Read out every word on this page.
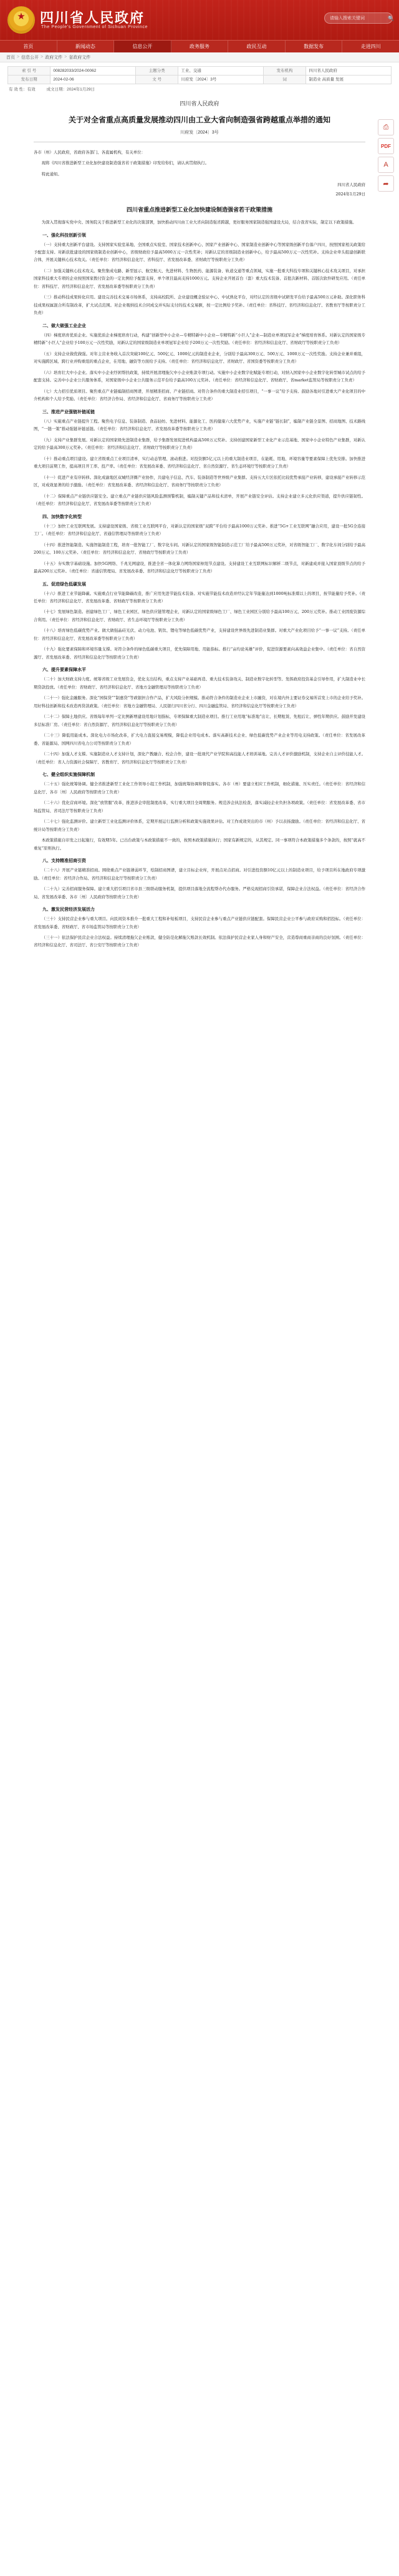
★
四川省人民政府
The People's Government of Sichuan Province
请输入搜索关键词
🔍
首页	新闻动态	信息公开	政务服务	政民互动	数据发布	走进四川
首页 > 信息公开 > 政府文件 > 省政府文件
索 引 号	008282033/2024-00062	主题分类	工业、交通	发布机构	四川省人民政府
发布日期	2024-02-06	文 号	川府发〔2024〕3号	词	制造业 高质量 发展
有 效 性：有效	成文日期：2024年1月29日
⎙
PDF
A
➦
四川省人民政府
关于对全省重点高质量发展推动四川由工业大省向制造强省跨越重点举措的通知
川府发〔2024〕3号

各市（州）人民政府，省政府各部门、各直属机构，有关单位：

现将《四川省推进新型工业化加快建设制造强省若干政策措施》印发给你们，请认真贯彻执行。

特此通知。

四川省人民政府
2024年1月29日
四川省重点推进新型工业化加快建设制造强省若干政策措施

为深入贯彻落实党中央、国务院关于推进新型工业化的决策部署，加快推动四川由工业大省向制造强省跨越，更好服务国家制造强国建设大局，结合我省实际，制定以下政策措施。

一、强化科技创新引领

（一）支持重大创新平台建设。支持国家实验室基地、全国重点实验室、国家技术创新中心、国家产业创新中心、国家制造业创新中心等国家级创新平台落户四川，按照国家相关政策给予配套支持。对新获批建设的国家级制造业创新中心，省级财政给予最高5000万元一次性奖补；对新认定的省级制造业创新中心，给予最高500万元一次性奖补。支持企业牵头组建创新联合体，开展关键核心技术攻关。（责任单位：省经济和信息化厅、省科技厅、省发展改革委、省财政厅等按职责分工负责）

（二）加强关键核心技术攻关。聚焦集成电路、新型显示、航空航天、先进材料、生物医药、能源装备、轨道交通等重点领域，实施一批重大科技专项和关键核心技术攻关项目，对承担国家科技重大专项的企业按照国家拨付资金的一定比例给予配套支持，单个项目最高支持1000万元。支持企业开展首台（套）重大技术装备、首批次新材料、首版次软件研发应用。（责任单位：省科技厅、省经济和信息化厅、省发展改革委等按职责分工负责）

（三）推动科技成果转化应用。建设完善技术交易市场体系，支持高校院所、企业建设概念验证中心、中试熟化平台，对经认定的省级中试研发平台给予最高500万元补助。深化职务科技成果权属混合所有制改革，扩大试点范围。对企业吸纳技术合同成交并实际支付的技术交易额，按一定比例给予奖补。（责任单位：省科技厅、省经济和信息化厅、省教育厅等按职责分工负责）

二、做大做强工业企业

（四）梯度培育优质企业。实施优质企业梯度培育行动，构建“创新型中小企业—专精特新中小企业—专精特新“小巨人”企业—制造业单项冠军企业”梯度培育体系。对新认定的国家级专精特新“小巨人”企业给予100万元一次性奖励，对新认定的国家级制造业单项冠军企业给予200万元一次性奖励。（责任单位：省经济和信息化厅、省财政厅等按职责分工负责）

（五）支持企业做优做强。对年主营业务收入首次突破100亿元、500亿元、1000亿元的制造业企业，分别给予最高300万元、500万元、1000万元一次性奖励。支持企业兼并重组，对实施跨区域、跨行业并购重组的重点企业，在用地、融资等方面给予支持。（责任单位：省经济和信息化厅、省财政厅、省国资委等按职责分工负责）

（六）培育壮大中小企业。落实中小企业纾困帮扶政策，持续开展清理拖欠中小企业账款专项行动。实施中小企业数字化赋能专项行动，对纳入国家中小企业数字化转型城市试点的给予配套支持。完善中小企业公共服务体系，对国家级中小企业公共服务示范平台给予最高100万元奖补。（责任单位：省经济和信息化厅、省财政厅、省market监管局等按职责分工负责）

（七）大力招引优质项目。聚焦重点产业链编制招商图谱，开展精准招商、产业链招商。对符合条件的重大制造业招引项目，“一事一议”给予支持。鼓励各地对引进重大产业化项目的中介机构和个人给予奖励。（责任单位：省经济合作局、省经济和信息化厅、省商务厅等按职责分工负责）

三、推进产业强链补链延链

（八）实施重点产业链提升工程。聚焦电子信息、装备制造、食品轻纺、先进材料、能源化工、医药健康六大优势产业，实施产业链“链长制”，编制产业链全景图、招商地图、技术路线图，“一链一策”推动强链补链延链。（责任单位：省经济和信息化厅、省发展改革委等按职责分工负责）

（九）支持产业集群发展。对新认定的国家级先进制造业集群，给予集群发展促进机构最高500万元奖补。支持创建国家新型工业化产业示范基地、国家中小企业特色产业集群，对新认定的给予最高300万元奖补。（责任单位：省经济和信息化厅、省财政厅等按职责分工负责）

（十）推动重点项目建设。建立省级重点工业项目清单，实行动态管理、滚动推进。对投资额5亿元以上的重大制造业项目，在能耗、用地、环境容量等要素保障上优先安排。加快推进重大项目前期工作，提高项目开工率、投产率。（责任单位：省发展改革委、省经济和信息化厅、省自然资源厅、省生态环境厅等按职责分工负责）

（十一）促进产业有序转移。深化成渝地区双城经济圈产业协作，共建电子信息、汽车、装备制造等世界级产业集群。支持五大片区依托比较优势承接产业转移，建设承接产业转移示范区，对成效显著的给予激励。（责任单位：省发展改革委、省经济和信息化厅、省商务厅等按职责分工负责）

（十二）保障重点产业链供应链安全。建立重点产业链供应链风险监测预警机制，编制关键产品和技术清单，开展产业链安全评估。支持企业建立多元化供应渠道，提升供应链韧性。（责任单位：省经济和信息化厅、省发展改革委等按职责分工负责）

四、加快数字化转型

（十三）加快工业互联网发展。支持建设国家级、省级工业互联网平台，对新认定的国家级“双跨”平台给予最高1000万元奖补。推进“5G+工业互联网”融合应用，建设一批5G全连接工厂。（责任单位：省经济和信息化厅、省通信管理局等按职责分工负责）

（十四）推进智能制造。实施智能制造工程，培育一批智能工厂、数字化车间。对新认定的国家级智能制造示范工厂给予最高500万元奖补，对省级智能工厂、数字化车间分别给予最高200万元、100万元奖补。（责任单位：省经济和信息化厅、省财政厅等按职责分工负责）

（十五）夯实数字基础设施。加快5G网络、千兆光网建设，推进全省一体化算力网络国家枢纽节点建设。支持建设工业互联网标识解析二级节点，对新建成并接入国家顶级节点的给予最高200万元奖补。（责任单位：省通信管理局、省发展改革委、省经济和信息化厅等按职责分工负责）

五、促进绿色低碳发展

（十六）推进工业节能降碳。实施重点行业节能降碳改造，推广应用先进节能技术装备。对实施节能技术改造并经认定年节能量达到1000吨标准煤以上的项目，按节能量给予奖补。（责任单位：省经济和信息化厅、省发展改革委、省财政厅等按职责分工负责）

（十七）发展绿色制造。创建绿色工厂、绿色工业园区、绿色供应链管理企业，对新认定的国家级绿色工厂、绿色工业园区分别给予最高100万元、200万元奖补。推动工业固废资源综合利用。（责任单位：省经济和信息化厅、省财政厅、省生态环境厅等按职责分工负责）

（十八）培育绿色低碳优势产业。做大做强晶硅光伏、动力电池、钒钛、锂电等绿色低碳优势产业，支持建设世界级先进制造业集群。对重大产业化项目给予“一事一议”支持。（责任单位：省经济和信息化厅、省发展改革委等按职责分工负责）

（十九）强化要素保障和环境容量支撑。对符合条件的绿色低碳重大项目，优先保障用地、用能指标。推行“亩均论英雄”评价，促进资源要素向高效益企业集中。（责任单位：省自然资源厅、省发展改革委、省经济和信息化厅等按职责分工负责）

六、提升要素保障水平

（二十）加大财政支持力度。统筹省级工业发展资金，优化支出结构，重点支持产业基础再造、重大技术装备攻关、制造业数字化转型等。发挥政府投资基金引导作用，扩大制造业中长期贷款投放。（责任单位：省财政厅、省经济和信息化厅、省地方金融管理局等按职责分工负责）

（二十一）强化金融服务。深化“园保贷”“制惠贷”等政银担合作产品，扩大风险分担规模。推动符合条件的制造业企业上市融资，对在境内外主要证券交易所首发上市的企业给予奖补。用好科技创新和技术改造再贷款政策。（责任单位：省地方金融管理局、人民银行四川省分行、四川金融监管局、省经济和信息化厅等按职责分工负责）

（二十二）保障土地供应。省级每年单列一定比例新增建设用地计划指标，专项保障重大制造业项目。推行工业用地“标准地”出让、长期租赁、先租后让、弹性年期供应。鼓励开发建设多层标准厂房。（责任单位：省自然资源厅、省经济和信息化厅等按职责分工负责）

（二十三）降低用能成本。深化电力市场化改革，扩大电力直接交易规模，降低企业用电成本。落实高新技术企业、绿色低碳优势产业企业等用电支持政策。（责任单位：省发展改革委、省能源局、国网四川省电力公司等按职责分工负责）

（二十四）加强人才支撑。实施制造业人才支持计划，深化产教融合、校企合作，建设一批现代产业学院和高技能人才培训基地。完善人才评价激励机制，支持企业自主评价技能人才。（责任单位：省人力资源社会保障厅、省教育厅、省经济和信息化厅等按职责分工负责）

七、健全组织实施保障机制

（二十五）强化统筹协调。健全省推进新型工业化工作领导小组工作机制，加强统筹协调和督促落实。各市（州）要建立相应工作机制，细化措施、压实责任。（责任单位：省经济和信息化厅、各市〔州〕人民政府等按职责分工负责）

（二十六）优化营商环境。深化“放管服”改革，推进涉企审批制度改革，实行重大项目全周期服务。规范涉企执法检查，落实减轻企业负担各项政策。（责任单位：省发展改革委、省市场监管局、省司法厅等按职责分工负责）

（二十七）强化监测评价。建立新型工业化监测评价体系，定期开展运行监测分析和政策实施效果评估。对工作成效突出的市（州）予以表扬激励。（责任单位：省经济和信息化厅、省统计局等按职责分工负责）

本政策措施自印发之日起施行，有效期5年。已出台政策与本政策措施不一致的，按照本政策措施执行；国家有新规定的，从其规定。同一事项符合本政策措施多个条款的，按照“就高不重复”原则执行。

八、支持精准招商引资

（二十八）开展产业链精准招商。围绕重点产业链薄弱环节，绘制招商图谱，建立目标企业库，开展点对点招商。对引进投资额10亿元以上的制造业项目，给予项目所在地政府专项激励。（责任单位：省经济合作局、省经济和信息化厅等按职责分工负责）

（二十九）完善招商服务保障。建立重大招引项目省市县三级联动服务机制，提供项目落地全流程帮办代办服务。严格兑现招商引资承诺，保障企业合法权益。（责任单位：省经济合作局、省发展改革委、各市〔州〕人民政府等按职责分工负责）

九、激发民营经济发展活力

（三十）支持民营企业参与重大项目。向民间资本推介一批重大工程和补短板项目，支持民营企业参与重点产业链供应链配套。保障民营企业公平参与政府采购和招投标。（责任单位：省发展改革委、省财政厅、省市场监管局等按职责分工负责）

（三十一）依法保护民营企业合法权益。持续清理拖欠企业账款，健全防范化解拖欠账款长效机制。依法保护民营企业家人身和财产安全，营造尊商重商亲商的良好氛围。（责任单位：省经济和信息化厅、省司法厅、省公安厅等按职责分工负责）
